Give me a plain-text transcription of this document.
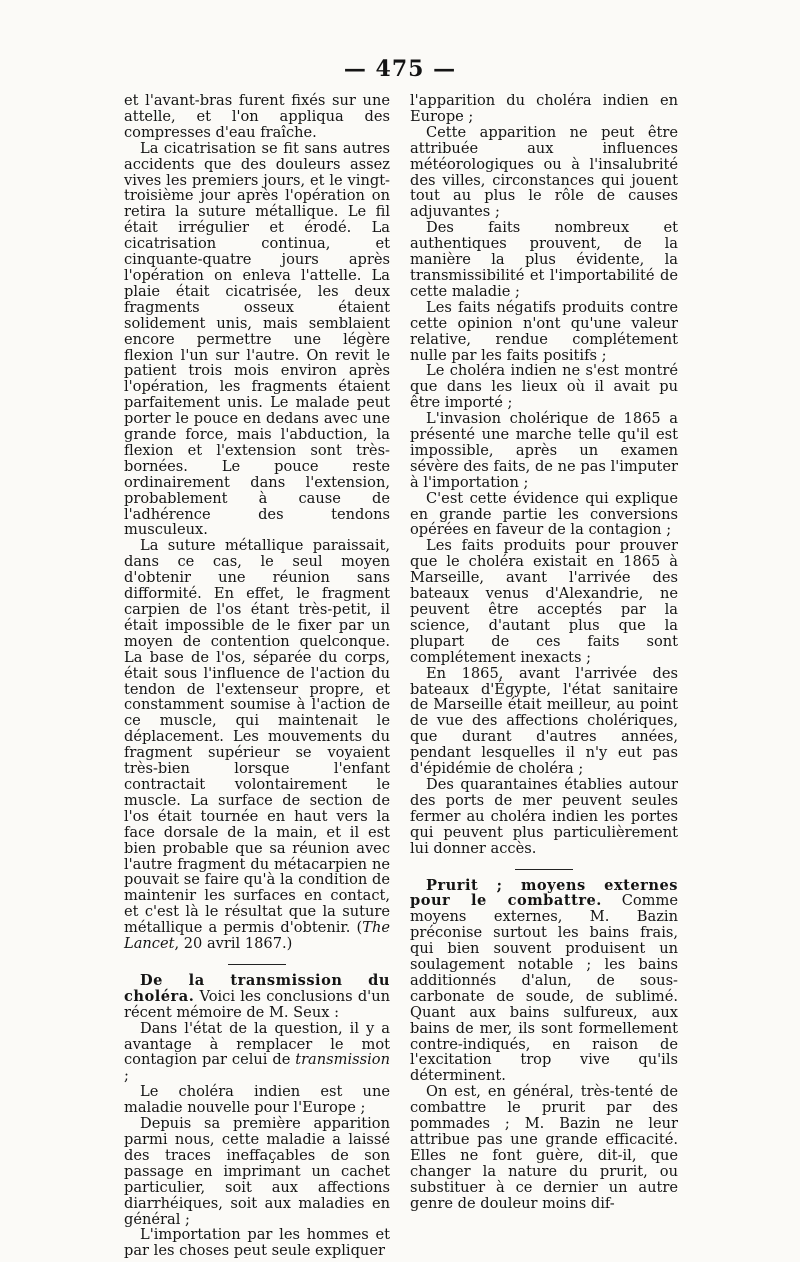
— 475 —

et l'avant-bras furent fixés sur une attelle, et l'on appliqua des compresses d'eau fraîche.

La cicatrisation se fit sans autres accidents que des douleurs assez vives les premiers jours, et le vingt-troisième jour après l'opération on retira la suture métallique. Le fil était irrégulier et érodé. La cicatrisation continua, et cinquante-quatre jours après l'opération on enleva l'attelle. La plaie était cicatrisée, les deux fragments osseux étaient solidement unis, mais semblaient encore permettre une légère flexion l'un sur l'autre. On revit le patient trois mois environ après l'opération, les fragments étaient parfaitement unis. Le malade peut porter le pouce en dedans avec une grande force, mais l'abduction, la flexion et l'extension sont très-bornées. Le pouce reste ordinairement dans l'extension, probablement à cause de l'adhérence des tendons musculeux.

La suture métallique paraissait, dans ce cas, le seul moyen d'obtenir une réunion sans difformité. En effet, le fragment carpien de l'os étant très-petit, il était impossible de le fixer par un moyen de contention quelconque. La base de l'os, séparée du corps, était sous l'influence de l'action du tendon de l'extenseur propre, et constamment soumise à l'action de ce muscle, qui maintenait le déplacement. Les mouvements du fragment supérieur se voyaient très-bien lorsque l'enfant contractait volontairement le muscle. La surface de section de l'os était tournée en haut vers la face dorsale de la main, et il est bien probable que sa réunion avec l'autre fragment du métacarpien ne pouvait se faire qu'à la condition de maintenir les surfaces en contact, et c'est là le résultat que la suture métallique a permis d'obtenir. (The Lancet, 20 avril 1867.)

De la transmission du choléra. Voici les conclusions d'un récent mémoire de M. Seux :

Dans l'état de la question, il y a avantage à remplacer le mot contagion par celui de transmission ;

Le choléra indien est une maladie nouvelle pour l'Europe ;

Depuis sa première apparition parmi nous, cette maladie a laissé des traces ineffaçables de son passage en imprimant un cachet particulier, soit aux affections diarrhéiques, soit aux maladies en général ;

L'importation par les hommes et par les choses peut seule expliquer

l'apparition du choléra indien en Europe ;

Cette apparition ne peut être attribuée aux influences météorologiques ou à l'insalubrité des villes, circonstances qui jouent tout au plus le rôle de causes adjuvantes ;

Des faits nombreux et authentiques prouvent, de la manière la plus évidente, la transmissibilité et l'importabilité de cette maladie ;

Les faits négatifs produits contre cette opinion n'ont qu'une valeur relative, rendue complétement nulle par les faits positifs ;

Le choléra indien ne s'est montré que dans les lieux où il avait pu être importé ;

L'invasion cholérique de 1865 a présenté une marche telle qu'il est impossible, après un examen sévère des faits, de ne pas l'imputer à l'importation ;

C'est cette évidence qui explique en grande partie les conversions opérées en faveur de la contagion ;

Les faits produits pour prouver que le choléra existait en 1865 à Marseille, avant l'arrivée des bateaux venus d'Alexandrie, ne peuvent être acceptés par la science, d'autant plus que la plupart de ces faits sont complétement inexacts ;

En 1865, avant l'arrivée des bateaux d'Égypte, l'état sanitaire de Marseille était meilleur, au point de vue des affections cholériques, que durant d'autres années, pendant lesquelles il n'y eut pas d'épidémie de choléra ;

Des quarantaines établies autour des ports de mer peuvent seules fermer au choléra indien les portes qui peuvent plus particulièrement lui donner accès.

Prurit ; moyens externes pour le combattre. Comme moyens externes, M. Bazin préconise surtout les bains frais, qui bien souvent produisent un soulagement notable ; les bains additionnés d'alun, de sous-carbonate de soude, de sublimé. Quant aux bains sulfureux, aux bains de mer, ils sont formellement contre-indiqués, en raison de l'excitation trop vive qu'ils déterminent.

On est, en général, très-tenté de combattre le prurit par des pommades ; M. Bazin ne leur attribue pas une grande efficacité. Elles ne font guère, dit-il, que changer la nature du prurit, ou substituer à ce dernier un autre genre de douleur moins dif-
